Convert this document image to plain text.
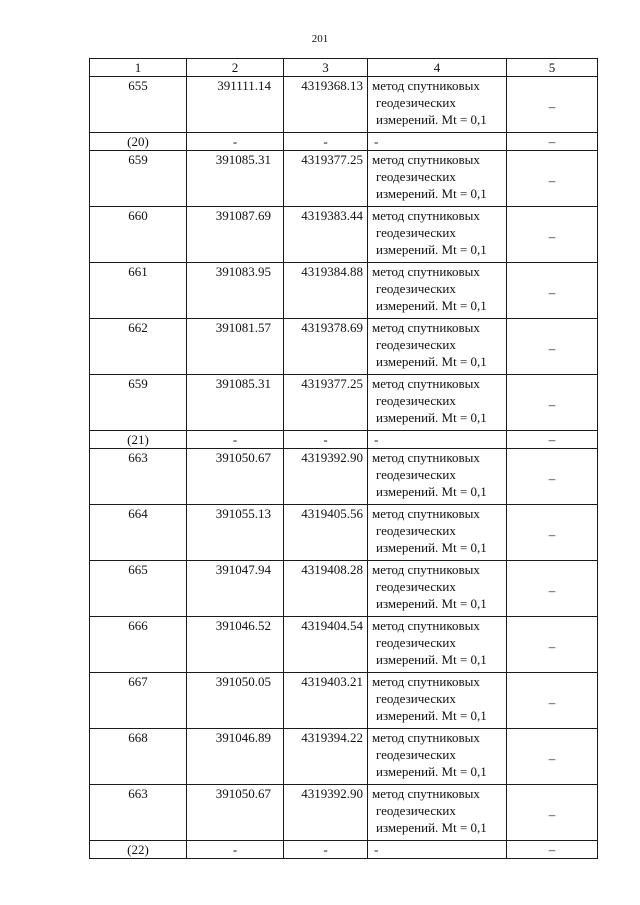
201
1	2	3	4	5
655	391111.14	4319368.13	метод спутниковых
геодезических
измерений. Mt = 0,1	–
(20)	-	-	-	–
659	391085.31	4319377.25	метод спутниковых
геодезических
измерений. Mt = 0,1	–
660	391087.69	4319383.44	метод спутниковых
геодезических
измерений. Mt = 0,1	–
661	391083.95	4319384.88	метод спутниковых
геодезических
измерений. Mt = 0,1	–
662	391081.57	4319378.69	метод спутниковых
геодезических
измерений. Mt = 0,1	–
659	391085.31	4319377.25	метод спутниковых
геодезических
измерений. Mt = 0,1	–
(21)	-	-	-	–
663	391050.67	4319392.90	метод спутниковых
геодезических
измерений. Mt = 0,1	–
664	391055.13	4319405.56	метод спутниковых
геодезических
измерений. Mt = 0,1	–
665	391047.94	4319408.28	метод спутниковых
геодезических
измерений. Mt = 0,1	–
666	391046.52	4319404.54	метод спутниковых
геодезических
измерений. Mt = 0,1	–
667	391050.05	4319403.21	метод спутниковых
геодезических
измерений. Mt = 0,1	–
668	391046.89	4319394.22	метод спутниковых
геодезических
измерений. Mt = 0,1	–
663	391050.67	4319392.90	метод спутниковых
геодезических
измерений. Mt = 0,1	–
(22)	-	-	-	–
